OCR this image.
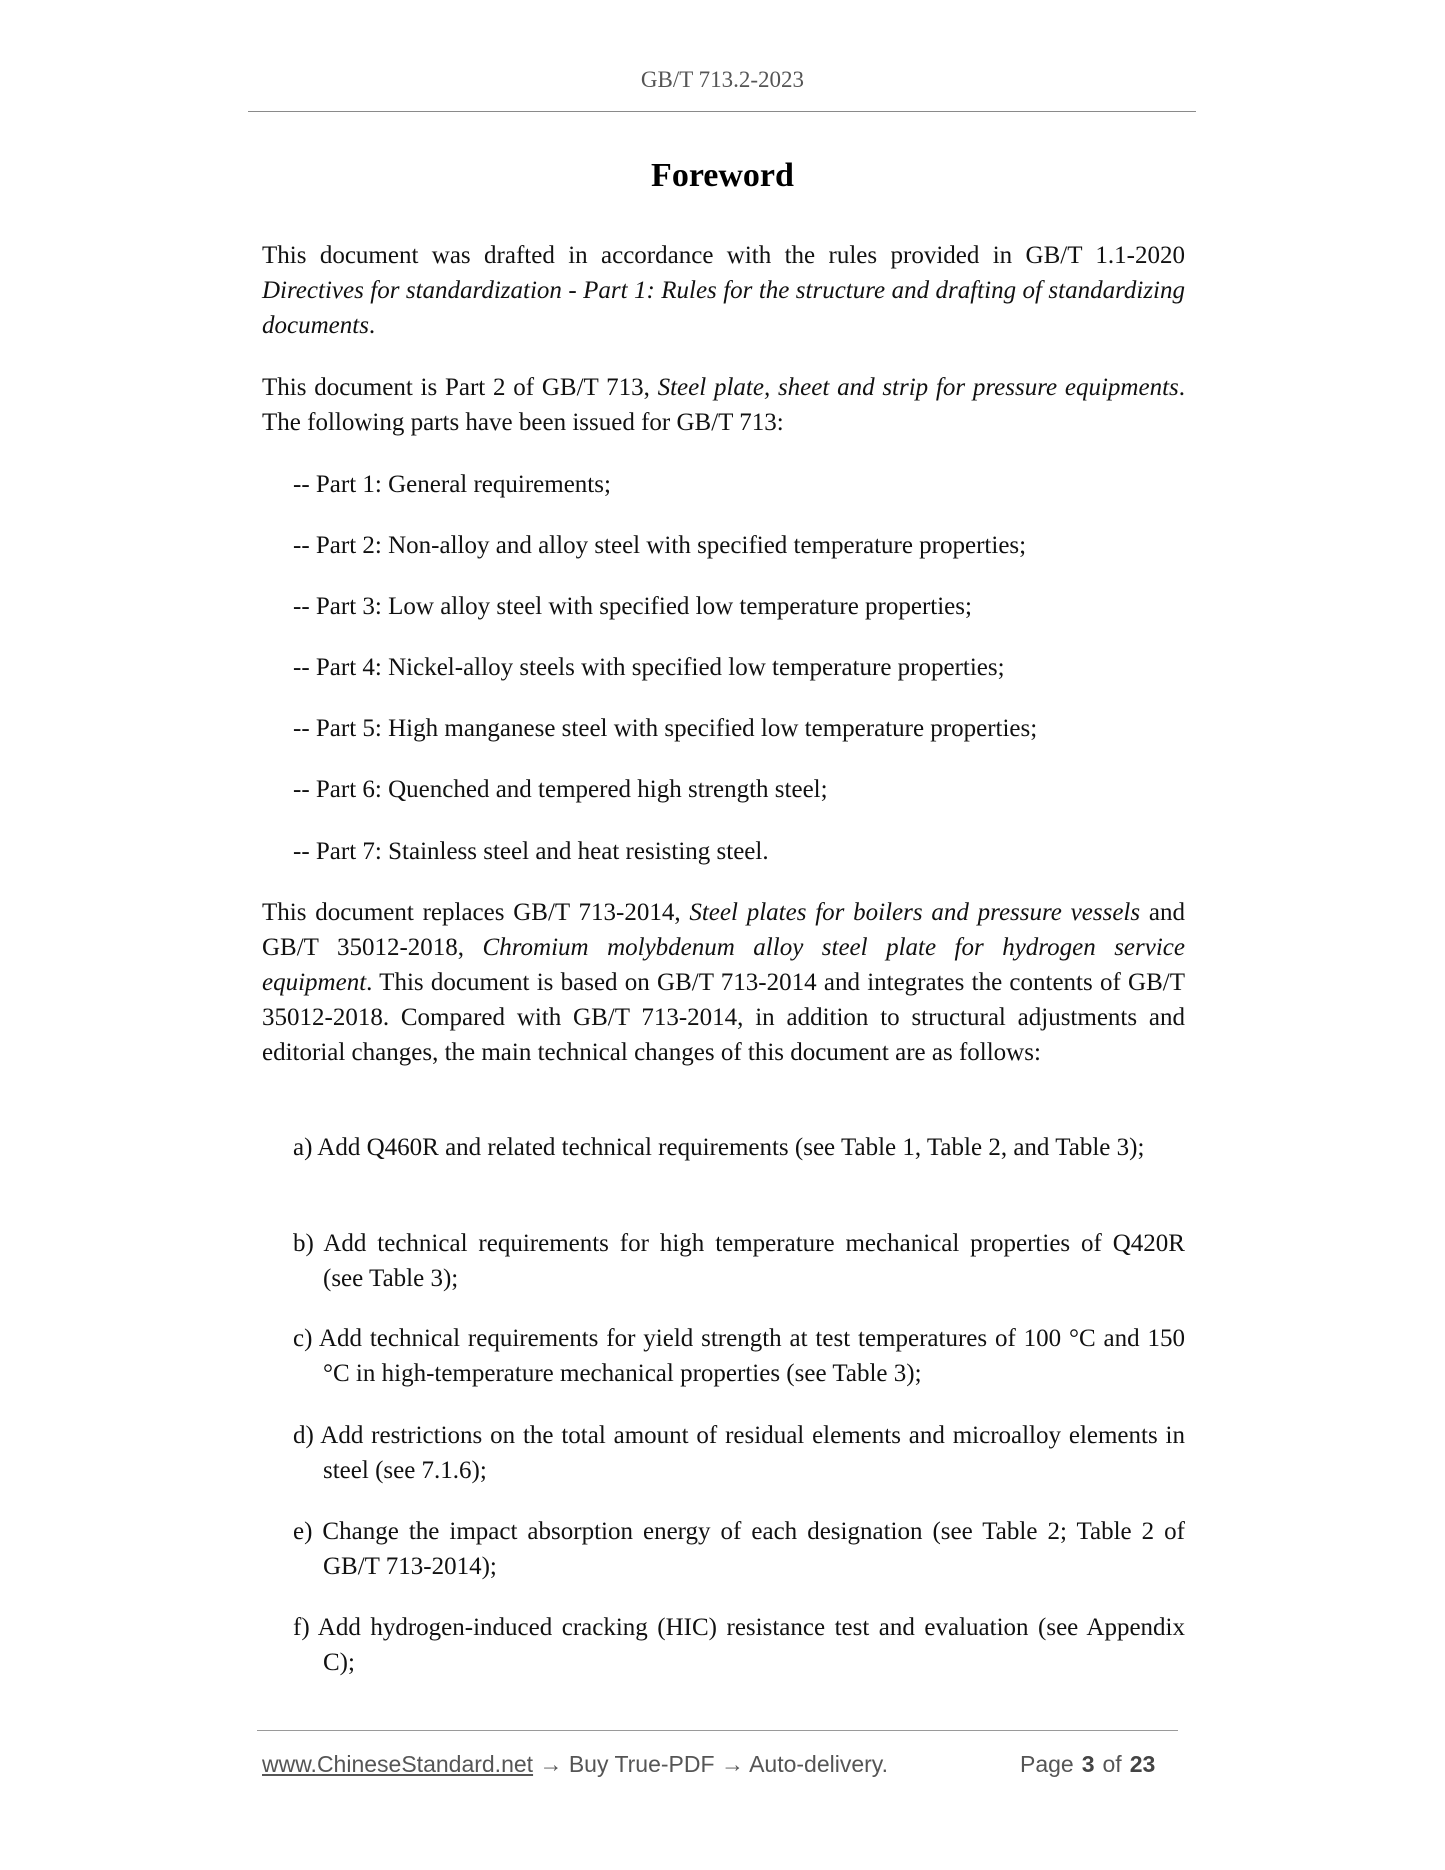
GB/T 713.2-2023
Foreword

This document was drafted in accordance with the rules provided in GB/T 1.1-2020 Directives for standardization - Part 1: Rules for the structure and drafting of standardizing documents.

This document is Part 2 of GB/T 713, Steel plate, sheet and strip for pressure equipments. The following parts have been issued for GB/T 713:

-- Part 1: General requirements;

-- Part 2: Non-alloy and alloy steel with specified temperature properties;

-- Part 3: Low alloy steel with specified low temperature properties;

-- Part 4: Nickel-alloy steels with specified low temperature properties;

-- Part 5: High manganese steel with specified low temperature properties;

-- Part 6: Quenched and tempered high strength steel;

-- Part 7: Stainless steel and heat resisting steel.

This document replaces GB/T 713-2014, Steel plates for boilers and pressure vessels and GB/T 35012-2018, Chromium molybdenum alloy steel plate for hydrogen service equipment. This document is based on GB/T 713-2014 and integrates the contents of GB/T 35012-2018. Compared with GB/T 713-2014, in addition to structural adjustments and editorial changes, the main technical changes of this document are as follows:

a) Add Q460R and related technical requirements (see Table 1, Table 2, and Table 3);

b) Add technical requirements for high temperature mechanical properties of Q420R (see Table 3);

c) Add technical requirements for yield strength at test temperatures of 100 °C and 150 °C in high-temperature mechanical properties (see Table 3);

d) Add restrictions on the total amount of residual elements and microalloy elements in steel (see 7.1.6);

e) Change the impact absorption energy of each designation (see Table 2; Table 2 of GB/T 713-2014);

f) Add hydrogen-induced cracking (HIC) resistance test and evaluation (see Appendix C);

www.ChineseStandard.net → Buy True-PDF → Auto-delivery.	Page 3 of 23
